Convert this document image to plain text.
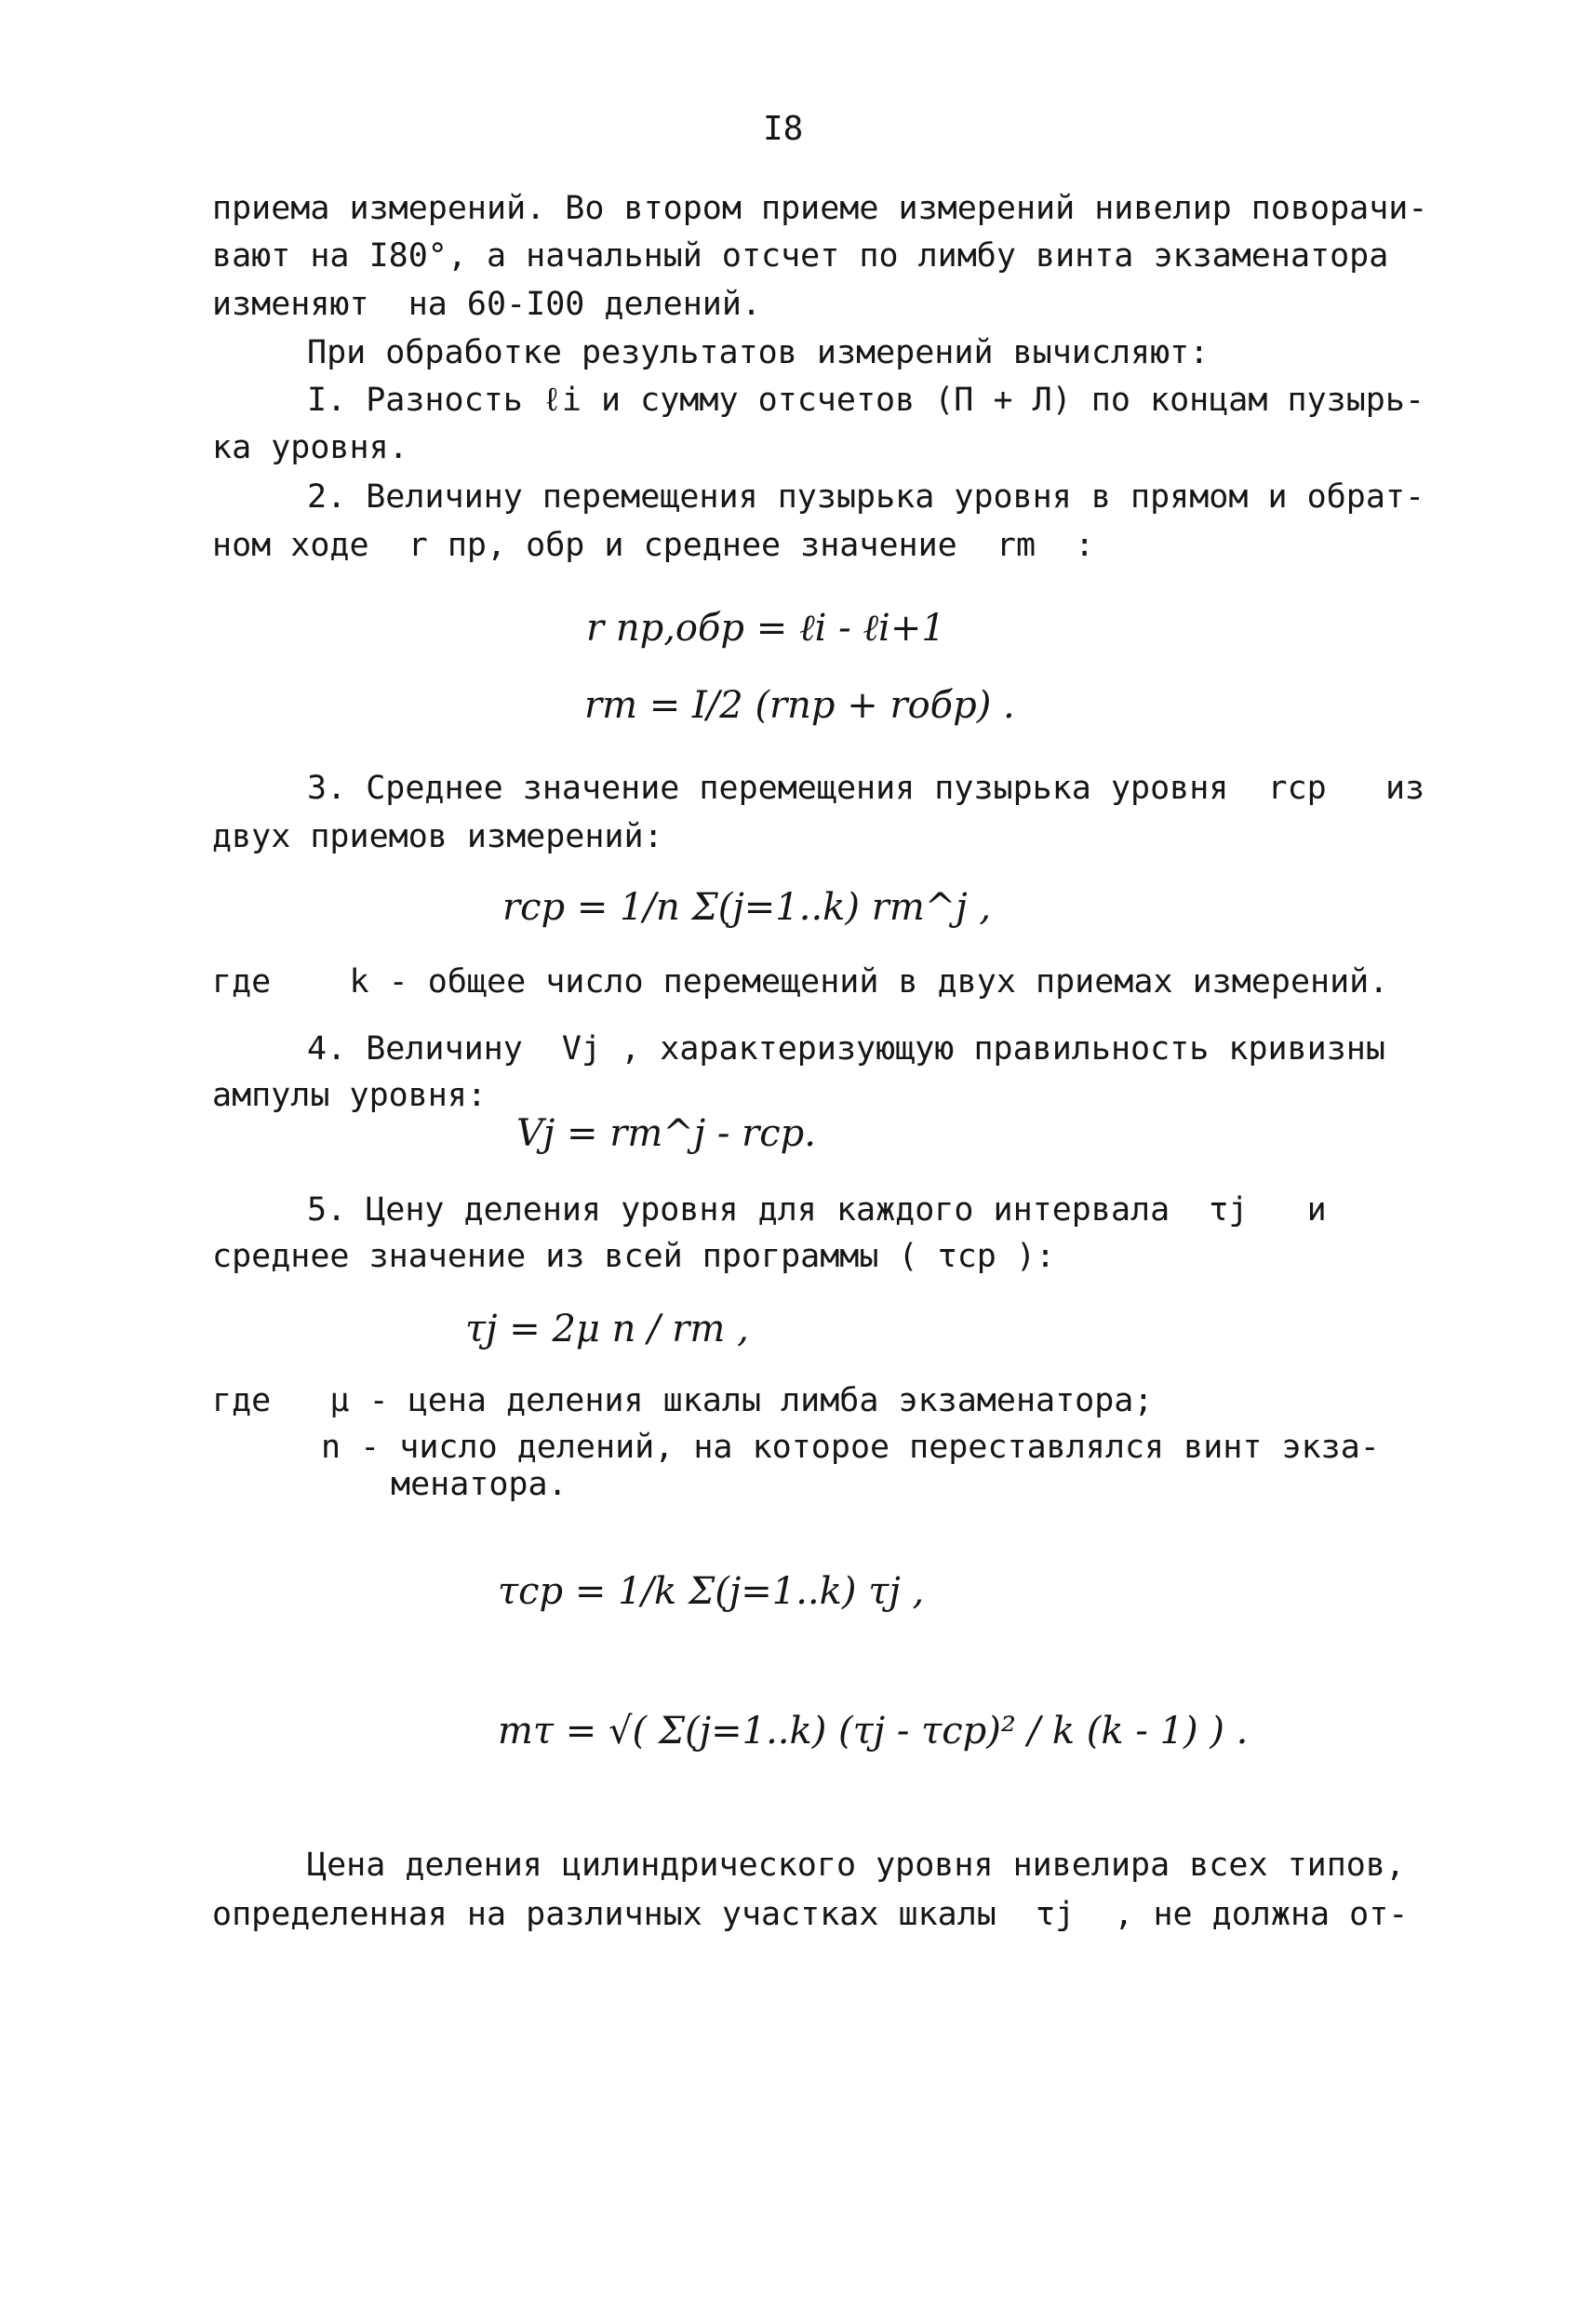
I8
приема измерений. Во втором приеме измерений нивелир поворачи-
вают на I80°, а начальный отсчет по лимбу винта экзаменатора
изменяют  на 60-I00 делений.
При обработке результатов измерений вычисляют:
I. Разность ℓi и сумму отсчетов (П + Л) по концам пузырь-
ка уровня.
2. Величину перемещения пузырька уровня в прямом и обрат-
ном ходе  r пр, обр и среднее значение  rm  :
r пр,обр = ℓi - ℓi+1
rm = I/2 (rпр + rобр) .
3. Среднее значение перемещения пузырька уровня  rср   из
двух приемов измерений:
rср = 1/n Σ(j=1..k) rm^j ,
где    k - общее число перемещений в двух приемах измерений.
4. Величину  Vj , характеризующую правильность кривизны
ампулы уровня:
Vj = rm^j - rср.
5. Цену деления уровня для каждого интервала  τj   и
среднее значение из всей программы ( τср ):
τj = 2μ n / rm ,
где   μ - цена деления шкалы лимба экзаменатора;
n - число делений, на которое переставлялся винт экза-
менатора.
τср = 1/k Σ(j=1..k) τj ,
mτ = √( Σ(j=1..k) (τj - τср)² / k (k - 1) ) .
Цена деления цилиндрического уровня нивелира всех типов,
определенная на различных участках шкалы  τj  , не должна от-
